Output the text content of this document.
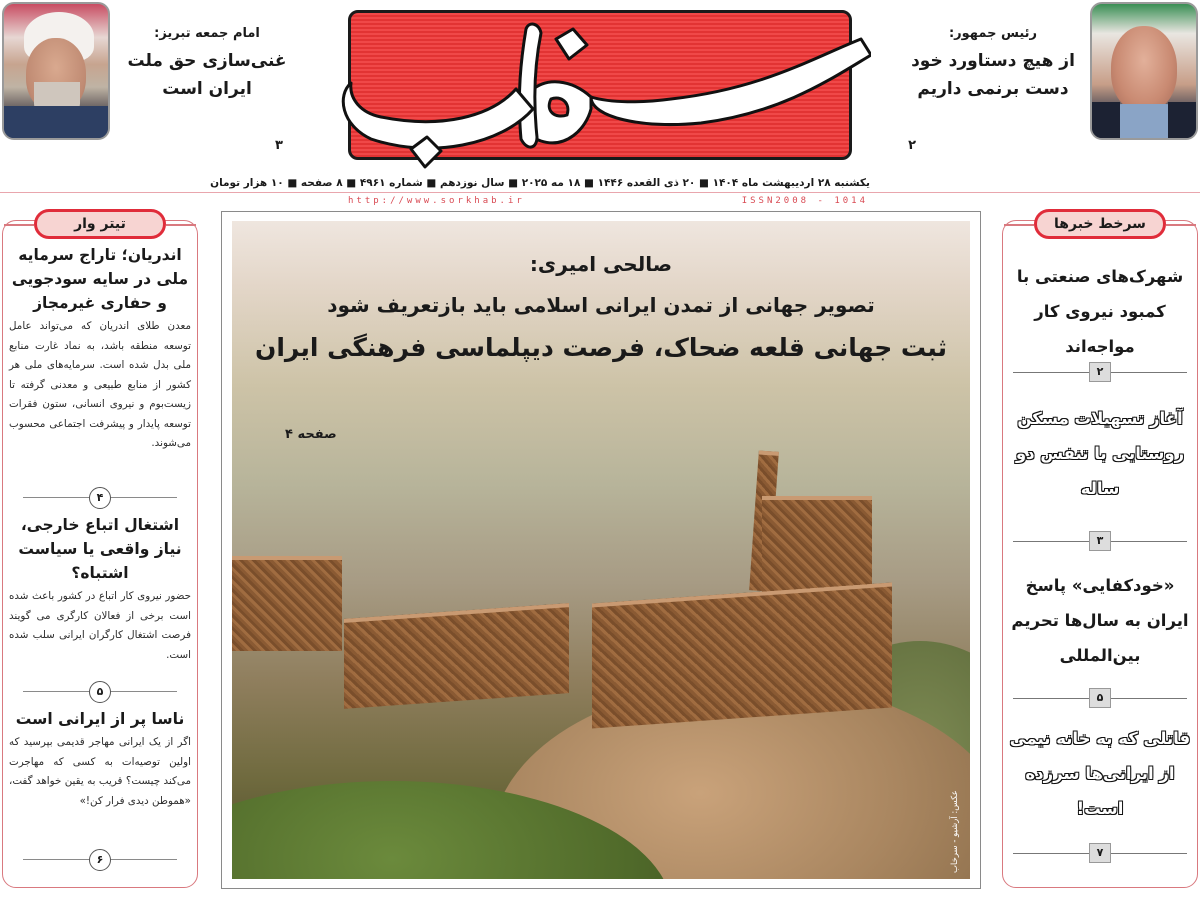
رئیس جمهور:
از هیچ دستاورد خود دست برنمی داریم
۲
امام جمعه تبریز:
غنی‌سازی حق ملت ایران است
۳
یکشنبه ۲۸ اردیبهشت ماه ۱۴۰۴ ■ ۲۰ ذی القعده ۱۴۴۶ ■ ۱۸ مه ۲۰۲۵ ■ سال نوزدهم ■ شماره ۴۹۶۱ ■ ۸ صفحه ■ ۱۰ هزار تومان
http://www.sorkhab.ir	ISSN2008 - 1014
تیتر وار
اندریان؛ تاراج سرمایه ملی در سایه سودجویی و حفاری غیرمجاز
معدن طلای اندریان که می‌تواند عامل توسعه منطقه باشد، به نماد غارت منابع ملی بدل شده است. سرمایه‌های ملی هر کشور از منابع طبیعی و معدنی گرفته تا زیست‌بوم و نیروی انسانی، ستون فقرات توسعه پایدار و پیشرفت اجتماعی محسوب می‌شوند.
۴
اشتغال اتباع خارجی، نیاز واقعی یا سیاست اشتباه؟
حضور نیروی کار اتباع در کشور باعث شده است برخی از فعالان کارگری می گویند فرصت اشتغال کارگران ایرانی سلب شده است.
۵
ناسا پر از ایرانی است
اگر از یک ایرانی مهاجر قدیمی بپرسید که اولین توصیه‌ات به کسی که مهاجرت می‌کند چیست؟ قریب به یقین خواهد گفت، «هموطن دیدی فرار کن!»
۶
سرخط خبرها
شهرک‌های صنعتی با کمبود نیروی کار مواجه‌اند
۲
آغاز تسهیلات مسکن روستایی با تنفس دو ساله
۳
«خودکفایی» پاسخ ایران به سال‌ها تحریم بین‌المللی
۵
قاتلی که به خانه نیمی از ایرانی‌ها سرزده است!
۷
صالحی امیری:
تصویر جهانی از تمدن ایرانی اسلامی باید بازتعریف شود
ثبت جهانی قلعه ضحاک، فرصت دیپلماسی فرهنگی ایران
صفحه ۴
عکس: آرشیو - سرخاب
